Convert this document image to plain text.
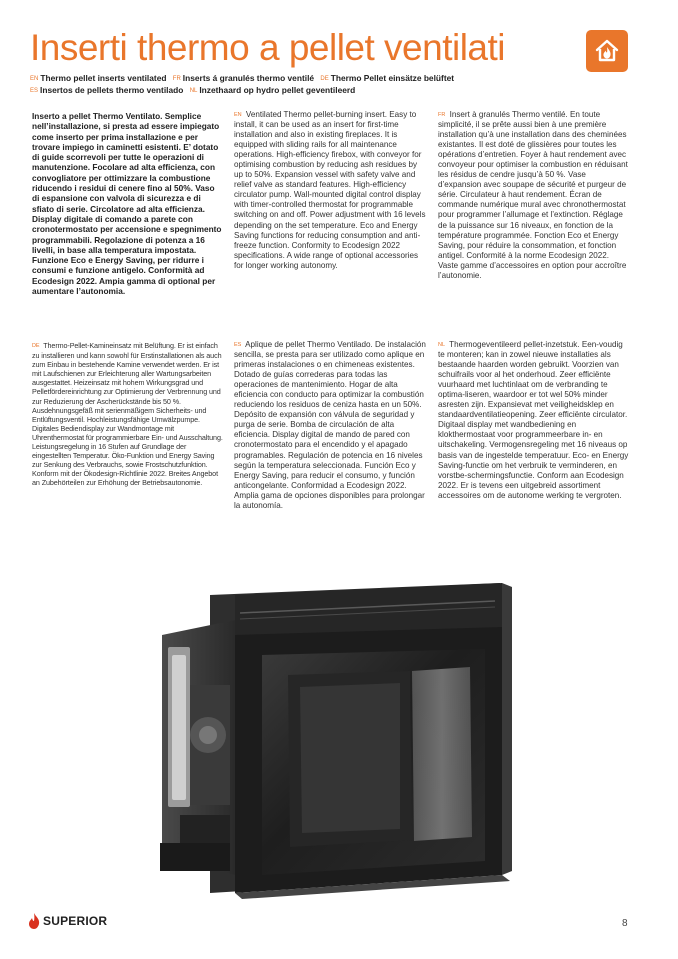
Inserti thermo a pellet ventilati
EN Thermo pellet inserts ventilated FR Inserts á granulés thermo ventilé DE Thermo Pellet einsätze belüftet
ES Insertos de pellets thermo ventilado NL Inzethaard op hydro pellet geventileerd
Inserto a pellet Thermo Ventilato. Semplice nell’installazione, si presta ad essere impiegato come inserto per prima installazione e per trovare impiego in caminetti esistenti. E’ dotato di guide scorrevoli per tutte le operazioni di manutenzione. Focolare ad alta efficienza, con convogliatore per ottimizzare la combustione riducendo i residui di cenere fino al 50%. Vaso di espansione con valvola di sicurezza e di sfiato di serie. Circolatore ad alta efficienza. Display digitale di comando a parete con cronotermostato per accensione e spegnimento programmabili. Regolazione di potenza a 16 livelli, in base alla temperatura impostata. Funzione Eco e Energy Saving, per ridurre i consumi e funzione antigelo. Conformità ad Ecodesign 2022. Ampia gamma di optional per aumentare l’autonomia.
EN Ventilated Thermo pellet-burning insert. Easy to install, it can be used as an insert for first-time installation and also in existing fireplaces. It is equipped with sliding rails for all maintenance operations. High-efficiency firebox, with conveyor for optimising combustion by reducing ash residues by up to 50%. Expansion vessel with safety valve and relief valve as standard features. High-efficiency circulator pump. Wall-mounted digital control display with timer-controlled thermostat for programmable switching on and off. Power adjustment with 16 levels depending on the set temperature. Eco and Energy Saving functions for reducing consumption and anti-freeze function. Conformity to Ecodesign 2022 specifications. A wide range of optional accessories for longer working autonomy.
FR Insert à granulés Thermo ventilé. En toute simplicité, il se prête aussi bien à une première installation qu’à une installation dans des cheminées existantes. Il est doté de glissières pour toutes les opérations d’entretien. Foyer à haut rendement avec convoyeur pour optimiser la combustion en réduisant les résidus de cendre jusqu’à 50 %. Vase d’expansion avec soupape de sécurité et purgeur de série. Circulateur à haut rendement. Écran de commande numérique mural avec chronothermostat pour programmer l’allumage et l’extinction. Réglage de la puissance sur 16 niveaux, en fonction de la température programmée. Fonction Eco et Energy Saving, pour réduire la consommation, et fonction antigel. Conformité à la norme Ecodesign 2022. Vaste gamme d’accessoires en option pour accroître l’autonomie.
DE Thermo-Pellet-Kamineinsatz mit Belüftung. Er ist einfach zu installieren und kann sowohl für Erstinstallationen als auch zum Einbau in bestehende Kamine verwendet werden. Er ist mit Laufschienen zur Erleichterung aller Wartungsarbeiten ausgestattet. Heizeinsatz mit hohem Wirkungsgrad und Pelletfördereinrichtung zur Optimierung der Verbrennung und zur Reduzierung der Ascherückstände bis 50 %. Ausdehnungsgefäß mit serienmäßigem Sicherheits- und Entlüftungsventil. Hochleistungsfähige Umwälzpumpe. Digitales Bediendisplay zur Wandmontage mit Uhrenthermostat für programmierbare Ein- und Ausschaltung. Leistungsregelung in 16 Stufen auf Grundlage der eingestellten Temperatur. Öko-Funktion und Energy Saving zur Senkung des Verbrauchs, sowie Frostschutzfunktion. Konform mit der Ökodesign-Richtlinie 2022. Breites Angebot an Zubehörteilen zur Erhöhung der Betriebsautonomie.
ES Aplique de pellet Thermo Ventilado. De instalación sencilla, se presta para ser utilizado como aplique en primeras instalaciones o en chimeneas existentes. Dotado de guías correderas para todas las operaciones de mantenimiento. Hogar de alta eficiencia con conducto para optimizar la combustión reduciendo los residuos de ceniza hasta en un 50%. Depósito de expansión con válvula de seguridad y purga de serie. Bomba de circulación de alta eficiencia. Display digital de mando de pared con cronotermostato para el encendido y el apagado programables. Regulación de potencia en 16 niveles según la temperatura seleccionada. Función Eco y Energy Saving, para reducir el consumo, y función anticongelante. Conformidad a Ecodesign 2022. Amplia gama de opciones disponibles para prolongar la autonomía.
NL Thermogeventileerd pellet-inzetstuk. Een-voudig te monteren; kan in zowel nieuwe installaties als bestaande haarden worden gebruikt. Voorzien van schuifrails voor al het onderhoud. Zeer efficiënte vuurhaard met luchtinlaat om de verbranding te optima-liseren, waardoor er tot wel 50% minder asresten zijn. Expansievat met veiligheidsklep en standaardventilatieopening. Zeer efficiënte circulator. Digitaal display met wandbediening en klokthermostaat voor programmeerbare in- en uitschakeling. Vermogensregeling met 16 niveaus op basis van de ingestelde temperatuur. Eco- en Energy Saving-functie om het verbruik te verminderen, en vorstbe-schermingsfunctie. Conform aan Ecodesign 2022. Er is tevens een uitgebreid assortiment accessoires om de autonome werking te vergroten.
SUPERIOR	8
